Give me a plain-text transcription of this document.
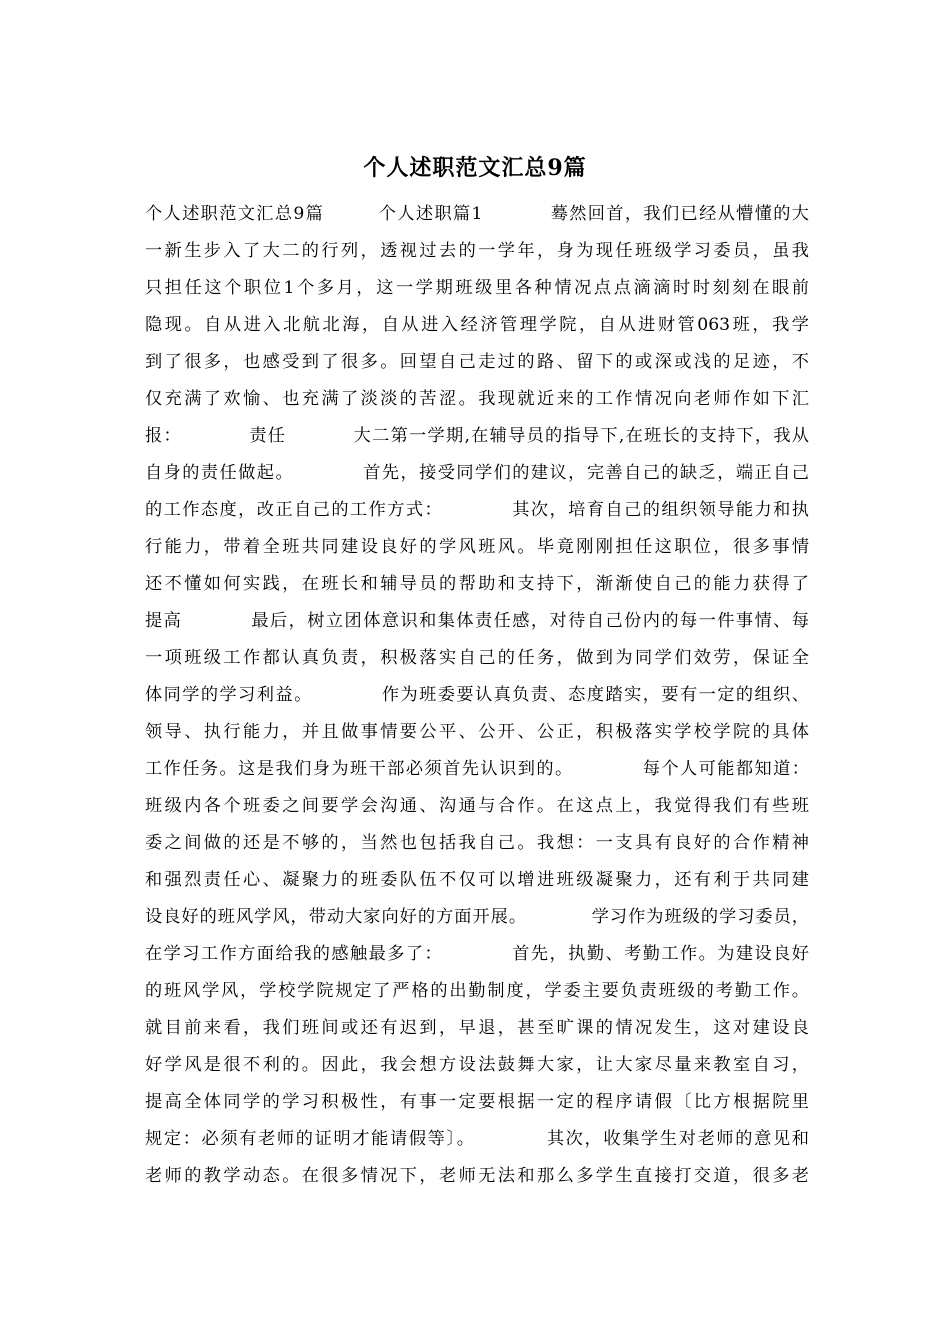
个人述职范文汇总9篇
个人述职范文汇总9篇        个人述职篇1          蓦然回首，我们已经从懵懂的大
一新生步入了大二的行列，透视过去的一学年，身为现任班级学习委员，虽我
只担任这个职位1个多月，这一学期班级里各种情况点点滴滴时时刻刻在眼前
隐现。自从进入北航北海，自从进入经济管理学院，自从进财管063班，我学
到了很多，也感受到了很多。回望自己走过的路、留下的或深或浅的足迹，不
仅充满了欢愉、也充满了淡淡的苦涩。我现就近来的工作情况向老师作如下汇
报：          责任          大二第一学期,在辅导员的指导下,在班长的支持下，我从
自身的责任做起。          首先，接受同学们的建议，完善自己的缺乏，端正自己
的工作态度，改正自己的工作方式：          其次，培育自己的组织领导能力和执
行能力，带着全班共同建设良好的学风班风。毕竟刚刚担任这职位，很多事情
还不懂如何实践，在班长和辅导员的帮助和支持下，渐渐使自己的能力获得了
提高          最后，树立团体意识和集体责任感，对待自己份内的每一件事情、每
一项班级工作都认真负责，积极落实自己的任务，做到为同学们效劳，保证全
体同学的学习利益。          作为班委要认真负责、态度踏实，要有一定的组织、
领导、执行能力，并且做事情要公平、公开、公正，积极落实学校学院的具体
工作任务。这是我们身为班干部必须首先认识到的。          每个人可能都知道：
班级内各个班委之间要学会沟通、沟通与合作。在这点上，我觉得我们有些班
委之间做的还是不够的，当然也包括我自己。我想：一支具有良好的合作精神
和强烈责任心、凝聚力的班委队伍不仅可以增进班级凝聚力，还有利于共同建
设良好的班风学风，带动大家向好的方面开展。          学习作为班级的学习委员，
在学习工作方面给我的感触最多了：          首先，执勤、考勤工作。为建设良好
的班风学风，学校学院规定了严格的出勤制度，学委主要负责班级的考勤工作。
就目前来看，我们班间或还有迟到，早退，甚至旷课的情况发生，这对建设良
好学风是很不利的。因此，我会想方设法鼓舞大家，让大家尽量来教室自习，
提高全体同学的学习积极性，有事一定要根据一定的程序请假〔比方根据院里
规定：必须有老师的证明才能请假等〕。          其次，收集学生对老师的意见和
老师的教学动态。在很多情况下，老师无法和那么多学生直接打交道，很多老
